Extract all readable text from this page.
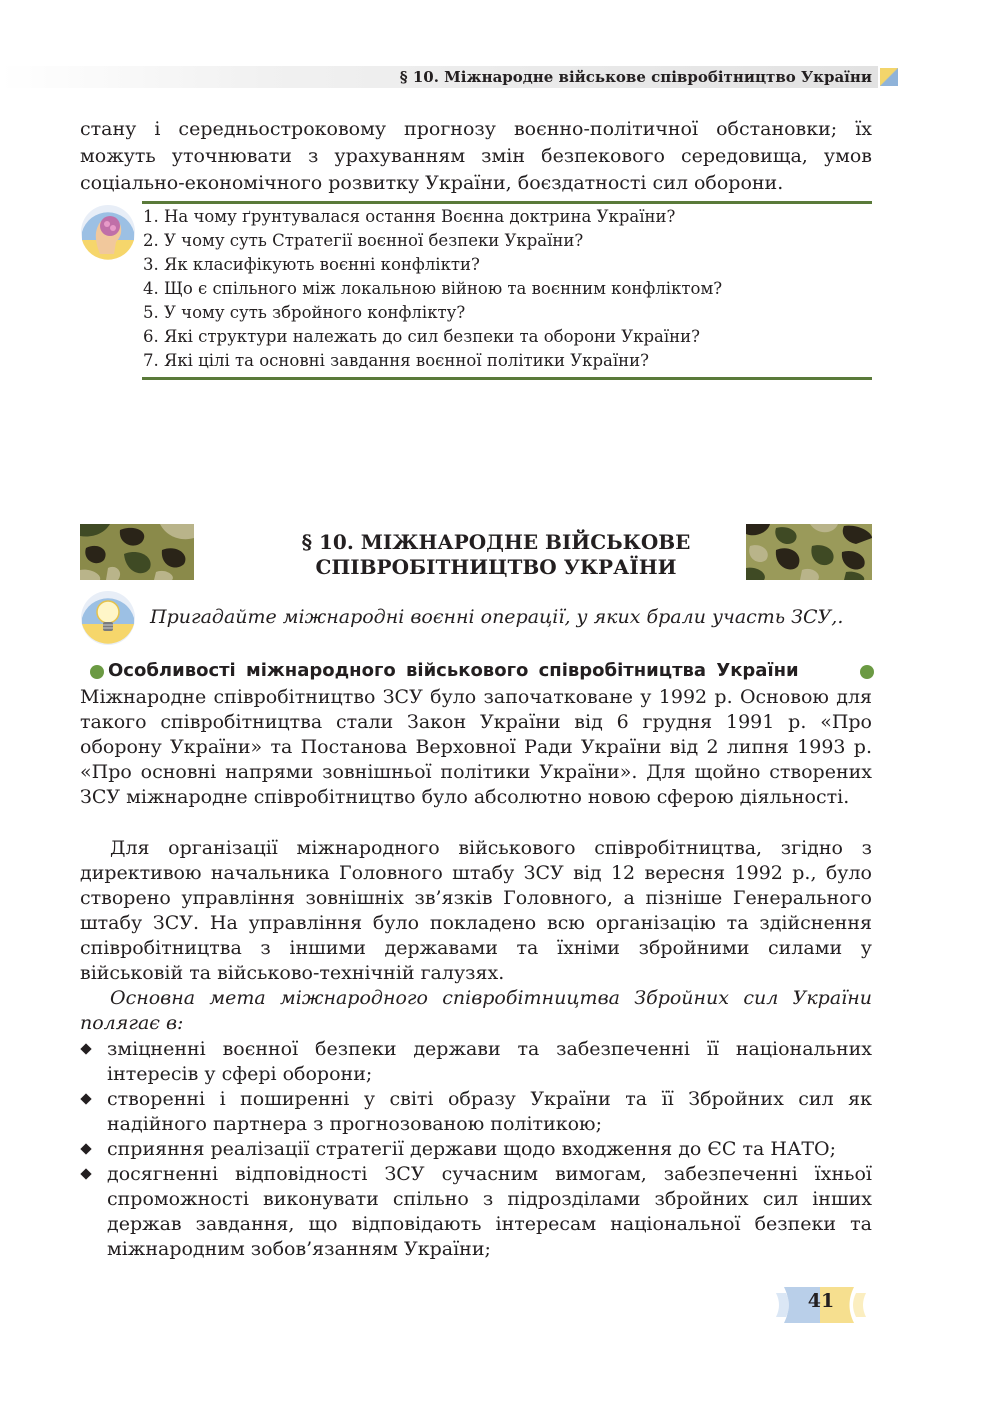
§ 10. Міжнародне військове співробітництво України

стану і середньостроковому прогнозу воєнно-політичної обстановки; їх можуть уточнювати з урахуванням змін безпекового середовища, умов соціально-економічного розвитку України, боєздатності сил оборони.

1. На чому ґрунтувалася остання Воєнна доктрина України?
2. У чому суть Стратегії воєнної безпеки України?
3. Як класифікують воєнні конфлікти?
4. Що є спільного між локальною війною та воєнним конфліктом?
5. У чому суть збройного конфлікту?
6. Які структури належать до сил безпеки та оборони України?
7. Які цілі та основні завдання воєнної політики України?
§ 10. МІЖНАРОДНЕ ВІЙСЬКОВЕ
СПІВРОБІТНИЦТВО УКРАЇНИ
Пригадайте міжнародні воєнні операції, у яких брали участь ЗСУ,.
Особливості міжнародного військового співробітництва України

Міжнародне співробітництво ЗСУ було започатковане у 1992 р. Основою для такого співробітництва стали Закон України від 6 грудня 1991 р. «Про оборону України» та Постанова Верховної Ради України від 2 липня 1993 р. «Про основні напрями зовнішньої політики України». Для щойно створених ЗСУ міжнародне співробітництво було абсолютно новою сферою діяльності.

Для організації міжнародного військового співробітництва, згідно з директивою начальника Головного штабу ЗСУ від 12 вересня 1992 р., було створено управління зовнішніх зв’язків Головного, а пізніше Генерального штабу ЗСУ. На управління було покладено всю організацію та здійснення співробітництва з іншими державами та їхніми збройними силами у військовій та військово-технічній галузях.

Основна мета міжнародного співробітництва Збройних сил України полягає в:

зміцненні воєнної безпеки держави та забезпеченні її національних інтересів у сфері оборони;
створенні і поширенні у світі образу України та її Збройних сил як надійного партнера з прогнозованою політикою;
сприяння реалізації стратегії держави щодо входження до ЄС та НАТО;
досягненні відповідності ЗСУ сучасним вимогам, забезпеченні їхньої спроможності виконувати спільно з підрозділами збройних сил інших держав завдання, що відповідають інтересам національної безпеки та міжнародним зобов’язанням України;
41
